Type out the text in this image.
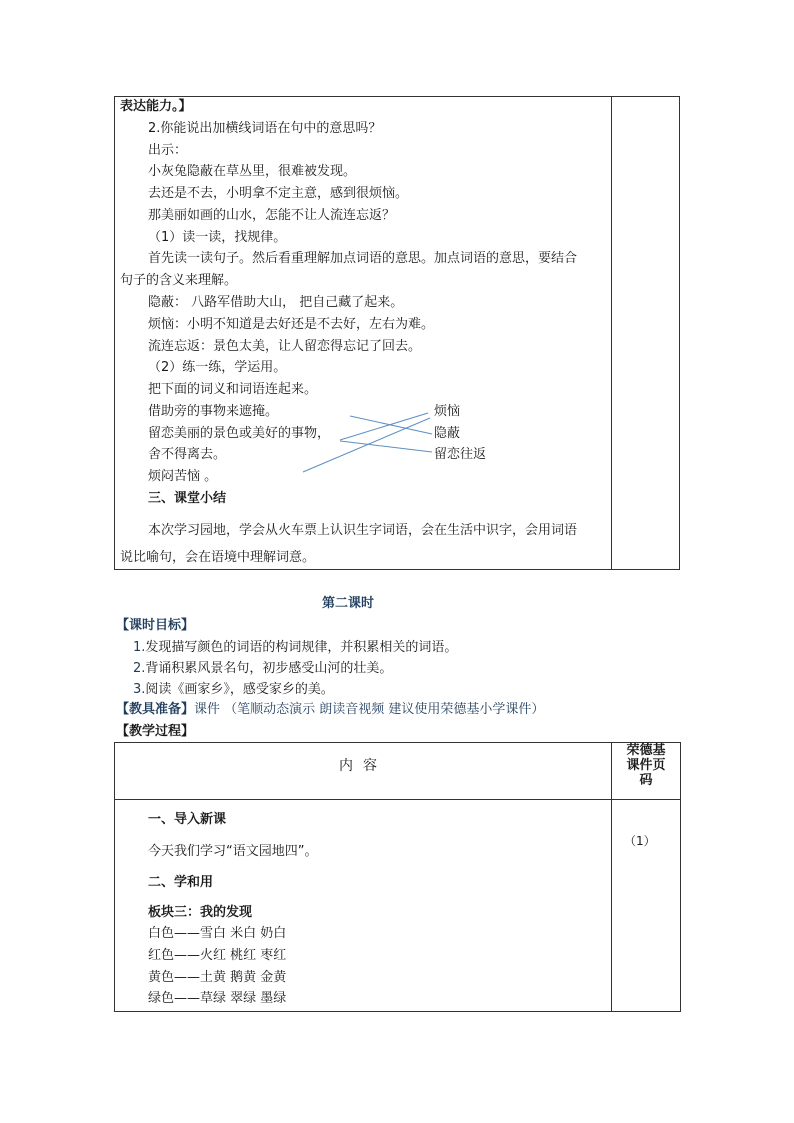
表达能力。】
2.你能说出加横线词语在句中的意思吗？
出示：
小灰兔隐蔽在草丛里，很难被发现。
去还是不去，小明拿不定主意，感到很烦恼。
那美丽如画的山水，怎能不让人流连忘返？
（1）读一读，找规律。
首先读一读句子。然后看重理解加点词语的意思。加点词语的意思，要结合
句子的含义来理解。
隐蔽： 八路军借助大山， 把自己藏了起来。
烦恼：小明不知道是去好还是不去好，左右为难。
流连忘返：景色太美，让人留恋得忘记了回去。
（2）练一练，学运用。
把下面的词义和词语连起来。
借助旁的事物来遮掩。
留恋美丽的景色或美好的事物，
舍不得离去。
烦闷苦恼 。
三、课堂小结
本次学习园地，学会从火车票上认识生字词语，会在生活中识字，会用词语
说比喻句，会在语境中理解词意。
烦恼
隐蔽
留恋往返
第二课时
【课时目标】
1.发现描写颜色的词语的构词规律，并积累相关的词语。
2.背诵积累风景名句，初步感受山河的壮美。
3.阅读《画家乡》，感受家乡的美。
【教具准备】课件 （笔顺动态演示 朗读音视频 建议使用荣德基小学课件）
【教学过程】
内容
荣德基
课件页
码
（1）
一、导入新课
今天我们学习“语文园地四”。
二、学和用
板块三：我的发现
白色——雪白 米白 奶白
红色——火红 桃红 枣红
黄色——土黄 鹅黄 金黄
绿色——草绿 翠绿 墨绿
